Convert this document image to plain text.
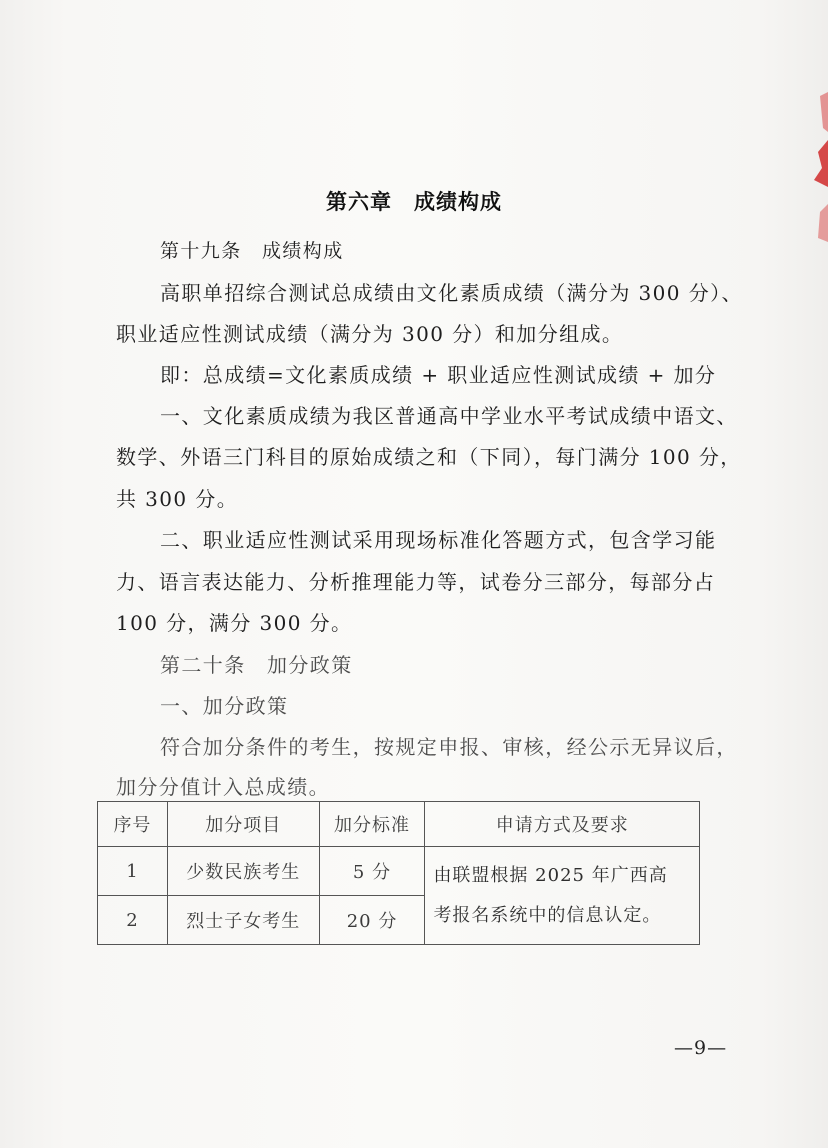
第六章　成绩构成
第十九条　成绩构成
高职单招综合测试总成绩由文化素质成绩（满分为 300 分）、
职业适应性测试成绩（满分为 300 分）和加分组成。
即：总成绩=文化素质成绩 + 职业适应性测试成绩 + 加分
一、文化素质成绩为我区普通高中学业水平考试成绩中语文、
数学、外语三门科目的原始成绩之和（下同），每门满分 100 分，
共 300 分。
二、职业适应性测试采用现场标准化答题方式，包含学习能
力、语言表达能力、分析推理能力等，试卷分三部分，每部分占
100 分，满分 300 分。
第二十条　加分政策
一、加分政策
符合加分条件的考生，按规定申报、审核，经公示无异议后，
加分分值计入总成绩。
序号	加分项目	加分标准	申请方式及要求
1	少数民族考生	5 分	由联盟根据 2025 年广西高
考报名系统中的信息认定。

2	烈士子女考生	20 分	
—9—
